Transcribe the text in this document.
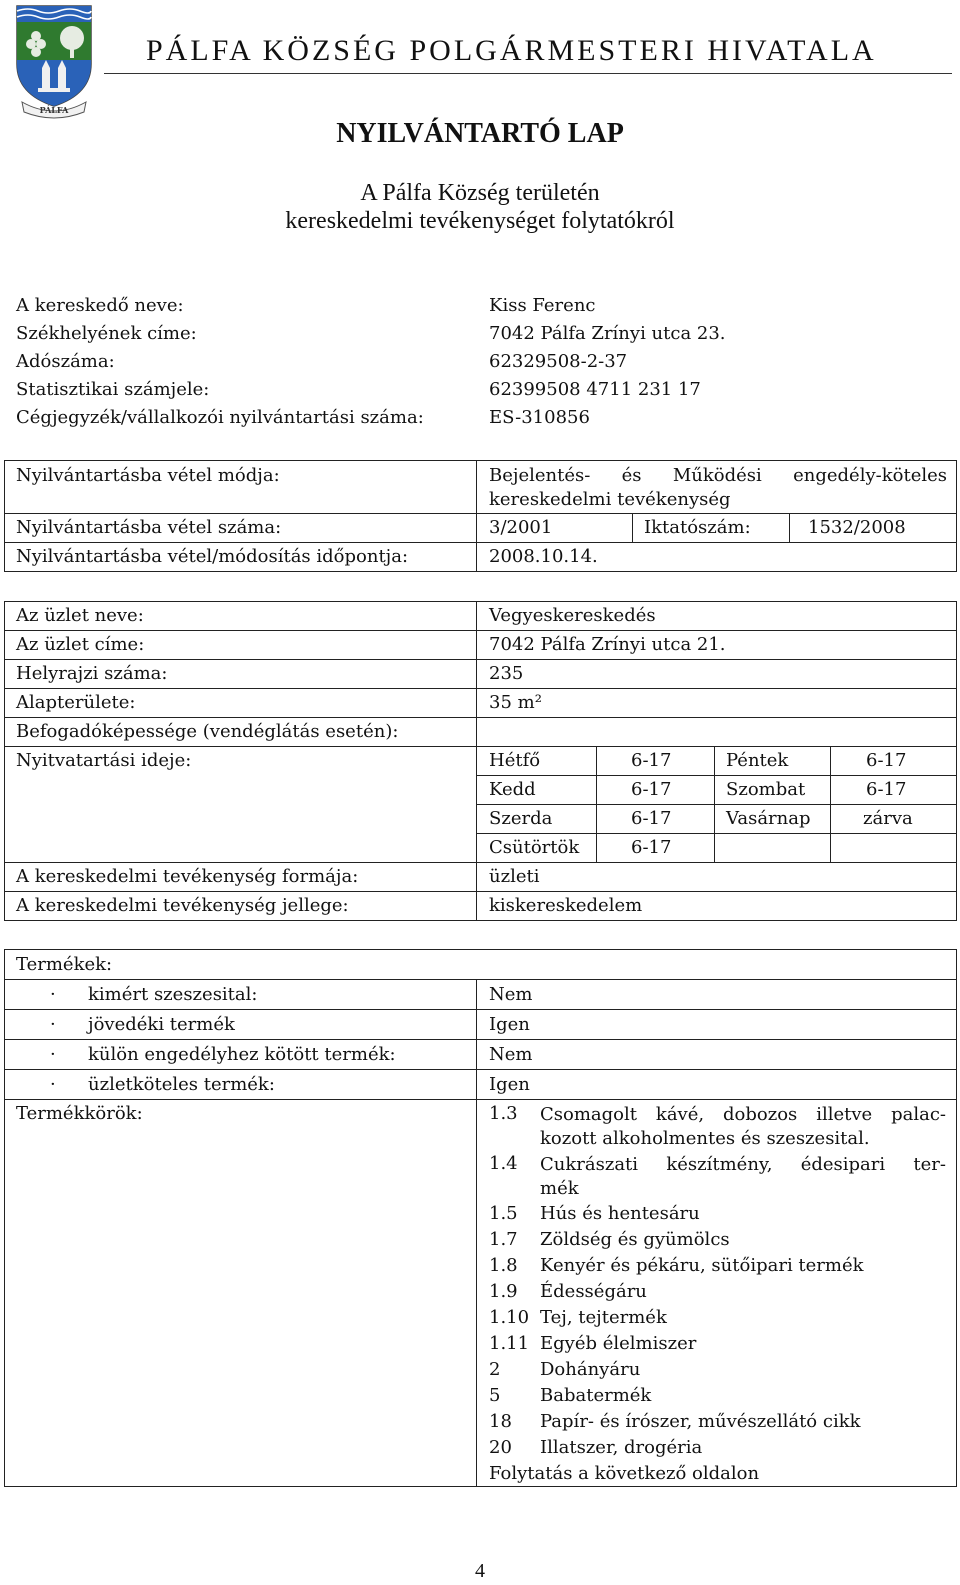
PÁLFA
PÁLFA KÖZSÉG POLGÁRMESTERI HIVATALA
NYILVÁNTARTÓ LAP
A Pálfa Község területén
kereskedelmi tevékenységet folytatókról
A kereskedő neve:	Kiss Ferenc
Székhelyének címe:	7042 Pálfa Zrínyi utca 23.
Adószáma:	62329508-2-37
Statisztikai számjele:	62399508 4711 231 17
Cégjegyzék/vállalkozói nyilvántartási száma:	ES-310856
Nyilvántartásba vétel módja:	Bejelentés- és Működési engedély-köteles
kereskedelmi tevékenység
Nyilvántartásba vétel száma:	3/2001	Iktatószám:	1532/2008
Nyilvántartásba vétel/módosítás időpontja:	2008.10.14.
Az üzlet neve:	Vegyeskereskedés
Az üzlet címe:	7042 Pálfa Zrínyi utca 21.
Helyrajzi száma:	235
Alapterülete:	35 m²
Befogadóképessége (vendéglátás esetén):
Nyitvatartási ideje:	Hétfő	6-17
Kedd	6-17
Szerda	6-17
Csütörtök	6-17
Péntek	6-17
Szombat	6-17
Vasárnap	zárva
A kereskedelmi tevékenység formája:	üzleti
A kereskedelmi tevékenység jellege:	kiskereskedelem
Termékek:
· kimért szeszesital:	Nem
· jövedéki termék	Igen
· külön engedélyhez kötött termék:	Nem
· üzletköteles termék:	Igen
Termékkörök:	1.3 Csomagolt kávé, dobozos illetve palac-
kozott alkoholmentes és szeszesital.
1.4 Cukrászati készítmény, édesipari ter-
mék
1.5 Hús és hentesáru
1.7 Zöldség és gyümölcs
1.8 Kenyér és pékáru, sütőipari termék
1.9 Édességáru
1.10 Tej, tejtermék
1.11 Egyéb élelmiszer
2 Dohányáru
5 Babatermék
18 Papír- és írószer, művészellátó cikk
20 Illatszer, drogéria
Folytatás a következő oldalon
4
